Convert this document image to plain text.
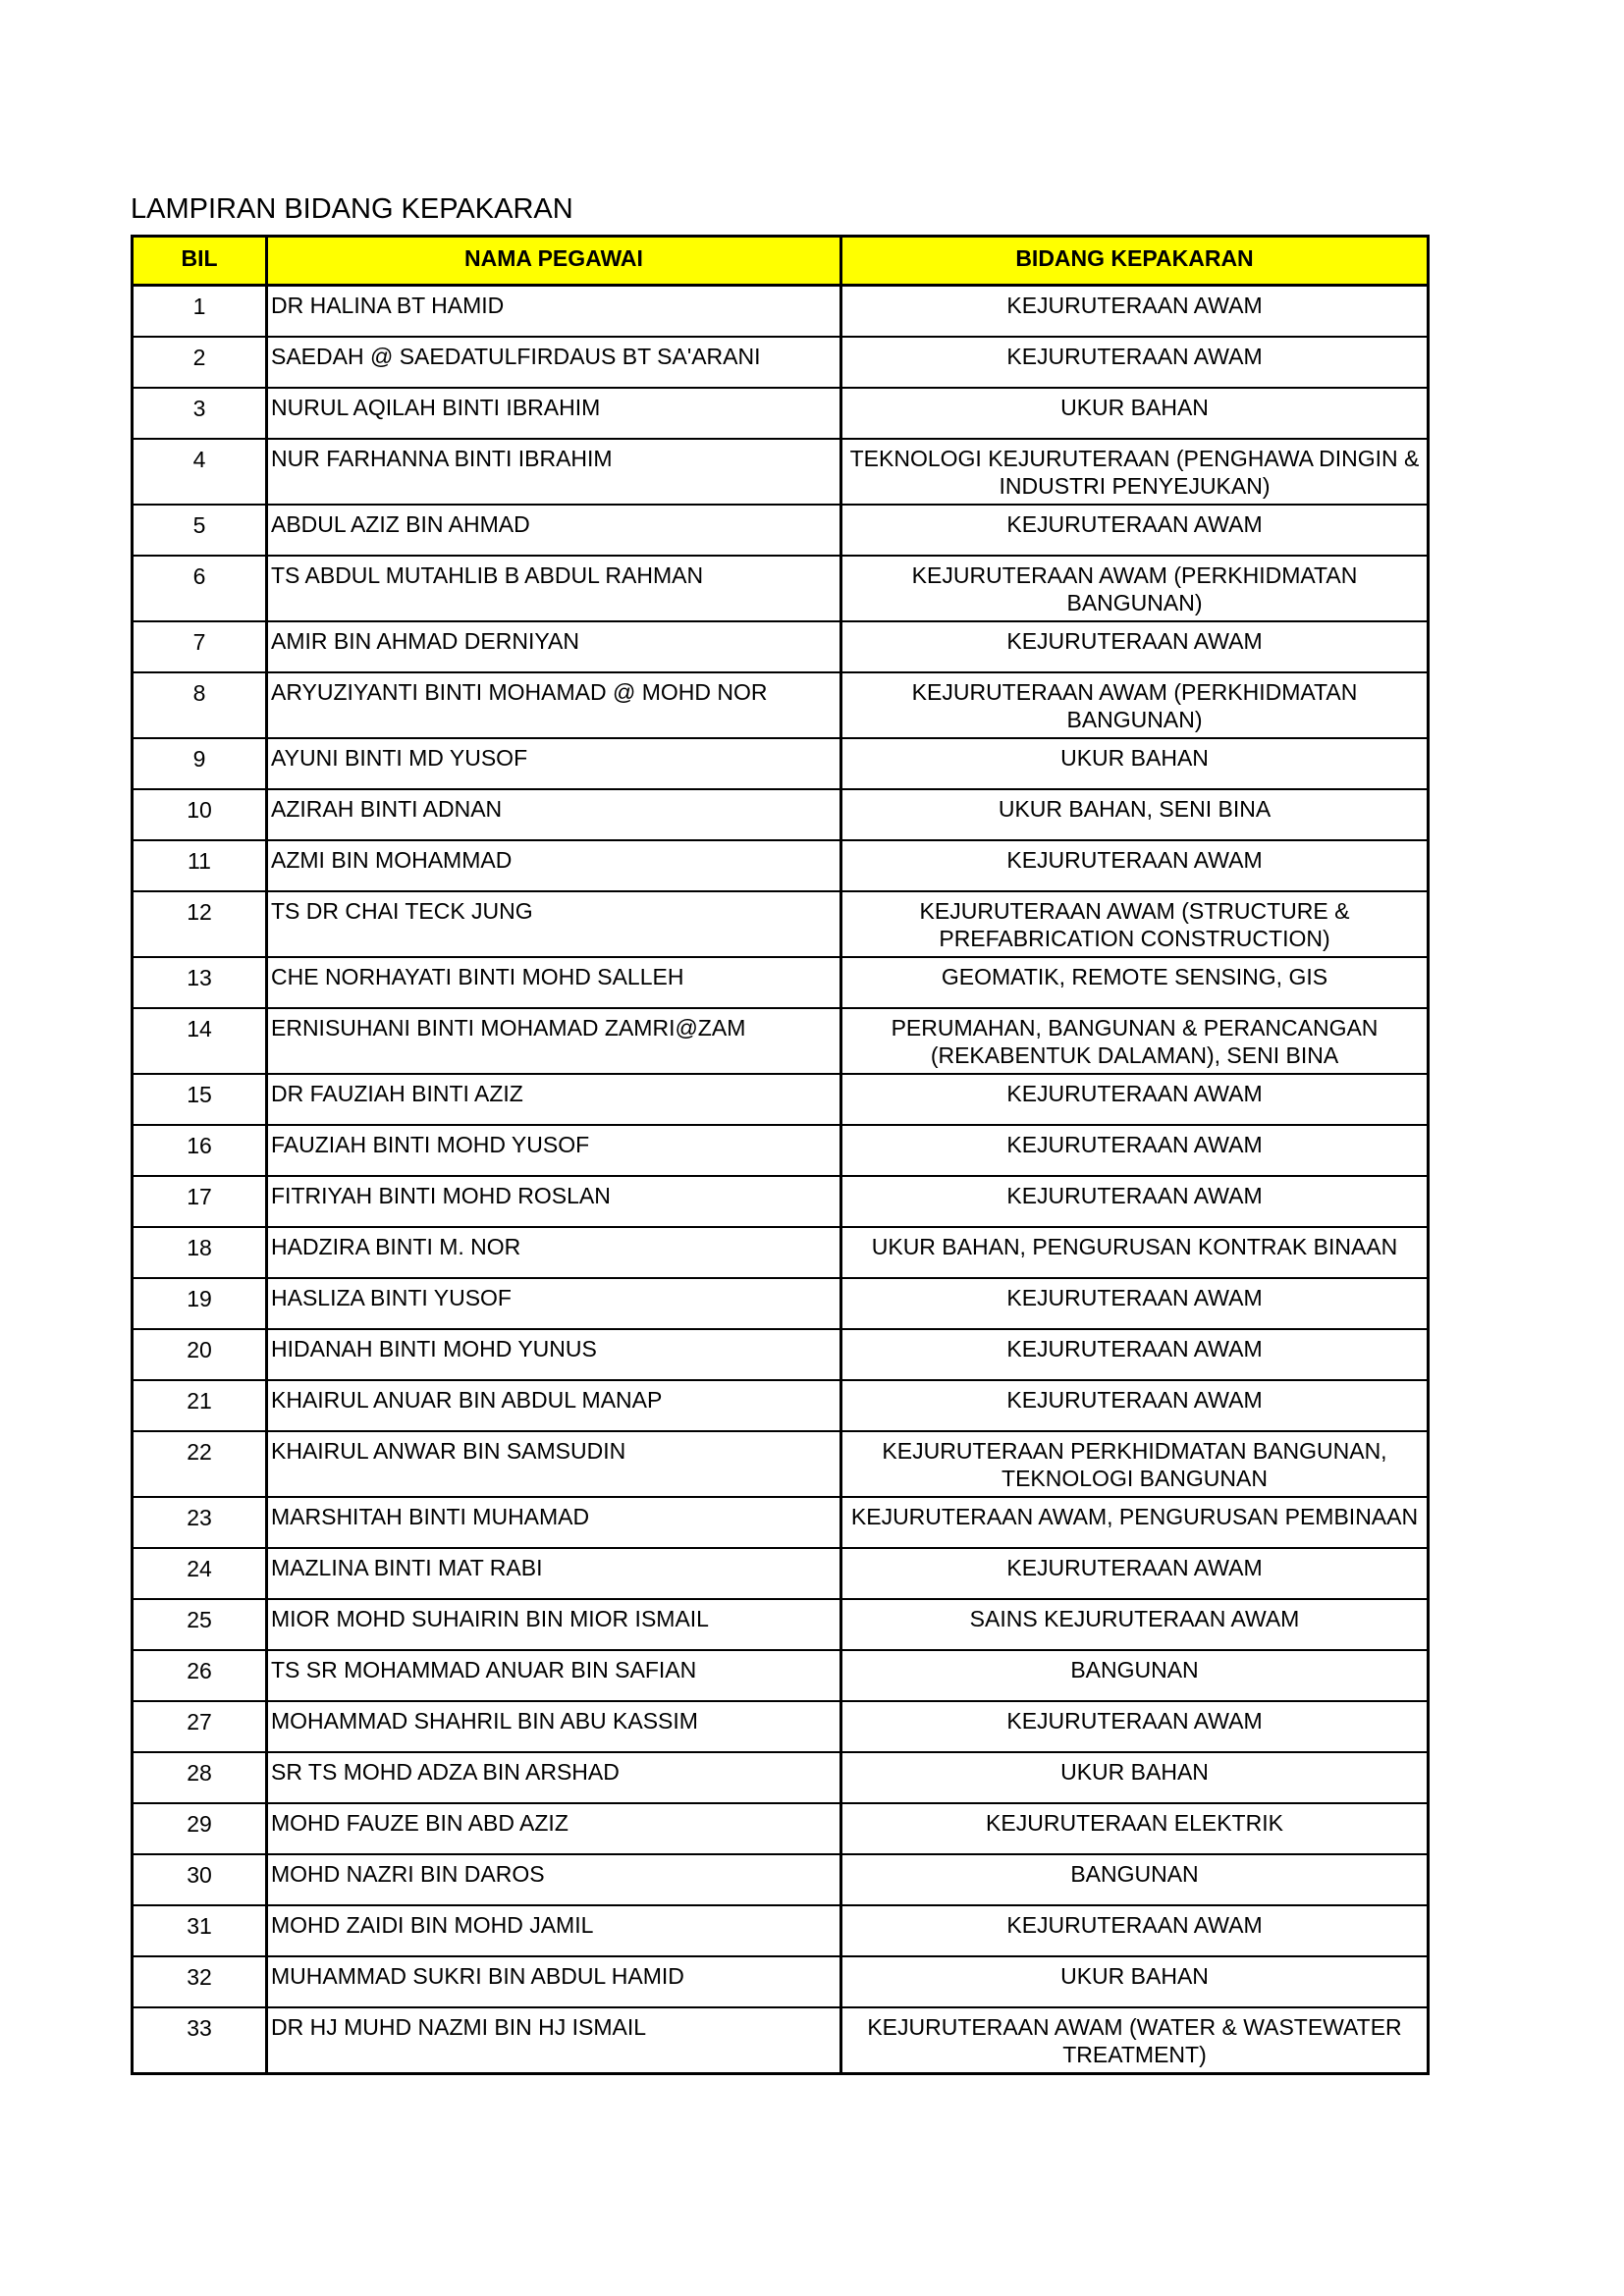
LAMPIRAN BIDANG KEPAKARAN
BIL	NAMA PEGAWAI	BIDANG KEPAKARAN
1	DR HALINA BT HAMID	KEJURUTERAAN AWAM
2	SAEDAH @ SAEDATULFIRDAUS BT SA'ARANI	KEJURUTERAAN AWAM
3	NURUL AQILAH BINTI IBRAHIM	UKUR BAHAN
4	NUR FARHANNA BINTI IBRAHIM	TEKNOLOGI KEJURUTERAAN (PENGHAWA DINGIN & INDUSTRI PENYEJUKAN)
5	ABDUL AZIZ BIN AHMAD	KEJURUTERAAN AWAM
6	TS ABDUL MUTAHLIB B ABDUL RAHMAN	KEJURUTERAAN AWAM (PERKHIDMATAN BANGUNAN)
7	AMIR BIN AHMAD DERNIYAN	KEJURUTERAAN AWAM
8	ARYUZIYANTI BINTI MOHAMAD @ MOHD NOR	KEJURUTERAAN AWAM (PERKHIDMATAN BANGUNAN)
9	AYUNI BINTI MD YUSOF	UKUR BAHAN
10	AZIRAH BINTI ADNAN	UKUR BAHAN, SENI BINA
11	AZMI BIN MOHAMMAD	KEJURUTERAAN AWAM
12	TS DR CHAI TECK JUNG	KEJURUTERAAN AWAM (STRUCTURE & PREFABRICATION CONSTRUCTION)
13	CHE NORHAYATI BINTI MOHD SALLEH	GEOMATIK, REMOTE SENSING, GIS
14	ERNISUHANI BINTI MOHAMAD ZAMRI@ZAM	PERUMAHAN, BANGUNAN & PERANCANGAN (REKABENTUK DALAMAN), SENI BINA
15	DR FAUZIAH BINTI AZIZ	KEJURUTERAAN AWAM
16	FAUZIAH BINTI MOHD YUSOF	KEJURUTERAAN AWAM
17	FITRIYAH BINTI MOHD ROSLAN	KEJURUTERAAN AWAM
18	HADZIRA BINTI M. NOR	UKUR BAHAN, PENGURUSAN KONTRAK BINAAN
19	HASLIZA BINTI YUSOF	KEJURUTERAAN AWAM
20	HIDANAH BINTI MOHD YUNUS	KEJURUTERAAN AWAM
21	KHAIRUL ANUAR BIN ABDUL MANAP	KEJURUTERAAN AWAM
22	KHAIRUL ANWAR BIN SAMSUDIN	KEJURUTERAAN PERKHIDMATAN BANGUNAN, TEKNOLOGI BANGUNAN
23	MARSHITAH BINTI MUHAMAD	KEJURUTERAAN AWAM, PENGURUSAN PEMBINAAN
24	MAZLINA BINTI MAT RABI	KEJURUTERAAN AWAM
25	MIOR MOHD SUHAIRIN BIN MIOR ISMAIL	SAINS KEJURUTERAAN AWAM
26	TS SR MOHAMMAD ANUAR BIN SAFIAN	BANGUNAN
27	MOHAMMAD SHAHRIL BIN ABU KASSIM	KEJURUTERAAN AWAM
28	SR TS MOHD ADZA BIN ARSHAD	UKUR BAHAN
29	MOHD FAUZE BIN ABD AZIZ	KEJURUTERAAN ELEKTRIK
30	MOHD NAZRI BIN DAROS	BANGUNAN
31	MOHD ZAIDI BIN MOHD JAMIL	KEJURUTERAAN AWAM
32	MUHAMMAD SUKRI BIN ABDUL HAMID	UKUR BAHAN
33	DR HJ MUHD NAZMI BIN HJ ISMAIL	KEJURUTERAAN AWAM (WATER & WASTEWATER TREATMENT)
